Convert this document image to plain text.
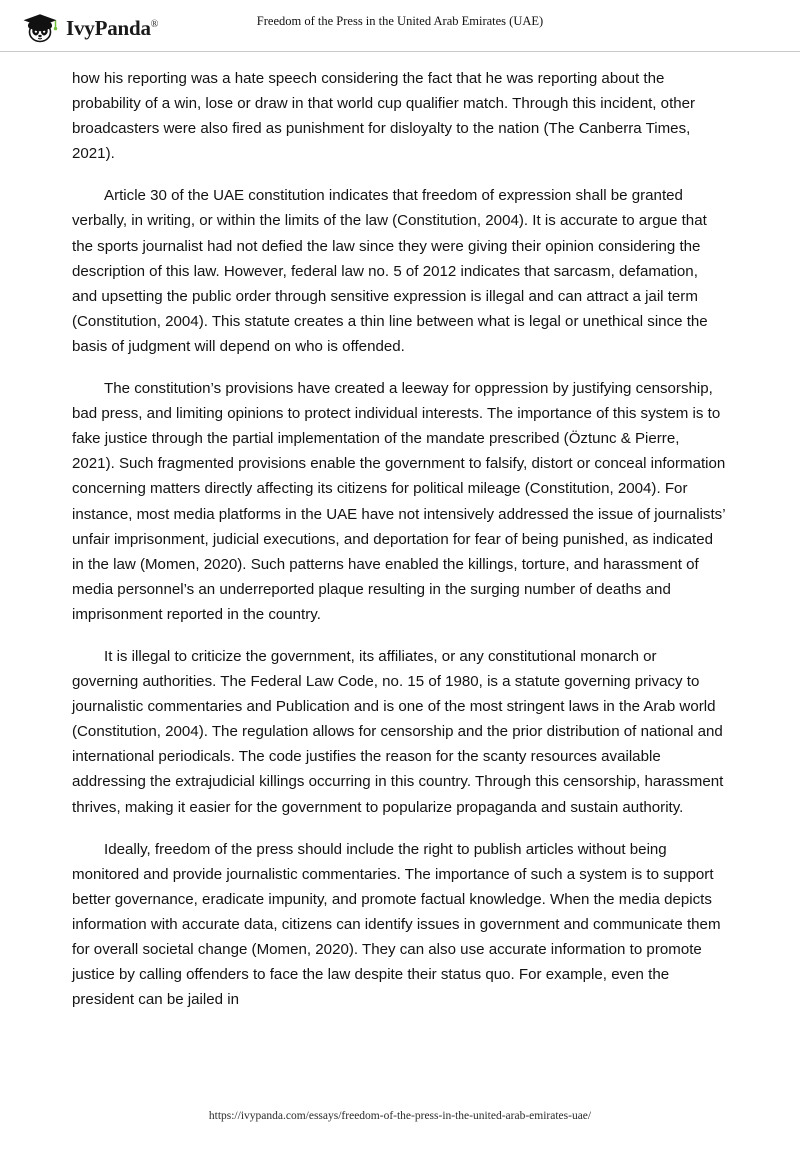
IvyPanda®	Freedom of the Press in the United Arab Emirates (UAE)

how his reporting was a hate speech considering the fact that he was reporting about the probability of a win, lose or draw in that world cup qualifier match. Through this incident, other broadcasters were also fired as punishment for disloyalty to the nation (The Canberra Times, 2021).

Article 30 of the UAE constitution indicates that freedom of expression shall be granted verbally, in writing, or within the limits of the law (Constitution, 2004). It is accurate to argue that the sports journalist had not defied the law since they were giving their opinion considering the description of this law. However, federal law no. 5 of 2012 indicates that sarcasm, defamation, and upsetting the public order through sensitive expression is illegal and can attract a jail term (Constitution, 2004). This statute creates a thin line between what is legal or unethical since the basis of judgment will depend on who is offended.

The constitution’s provisions have created a leeway for oppression by justifying censorship, bad press, and limiting opinions to protect individual interests. The importance of this system is to fake justice through the partial implementation of the mandate prescribed (Öztunc & Pierre, 2021). Such fragmented provisions enable the government to falsify, distort or conceal information concerning matters directly affecting its citizens for political mileage (Constitution, 2004). For instance, most media platforms in the UAE have not intensively addressed the issue of journalists’ unfair imprisonment, judicial executions, and deportation for fear of being punished, as indicated in the law (Momen, 2020). Such patterns have enabled the killings, torture, and harassment of media personnel’s an underreported plaque resulting in the surging number of deaths and imprisonment reported in the country.

It is illegal to criticize the government, its affiliates, or any constitutional monarch or governing authorities. The Federal Law Code, no. 15 of 1980, is a statute governing privacy to journalistic commentaries and Publication and is one of the most stringent laws in the Arab world (Constitution, 2004). The regulation allows for censorship and the prior distribution of national and international periodicals. The code justifies the reason for the scanty resources available addressing the extrajudicial killings occurring in this country. Through this censorship, harassment thrives, making it easier for the government to popularize propaganda and sustain authority.

Ideally, freedom of the press should include the right to publish articles without being monitored and provide journalistic commentaries. The importance of such a system is to support better governance, eradicate impunity, and promote factual knowledge. When the media depicts information with accurate data, citizens can identify issues in government and communicate them for overall societal change (Momen, 2020). They can also use accurate information to promote justice by calling offenders to face the law despite their status quo. For example, even the president can be jailed in

https://ivypanda.com/essays/freedom-of-the-press-in-the-united-arab-emirates-uae/
